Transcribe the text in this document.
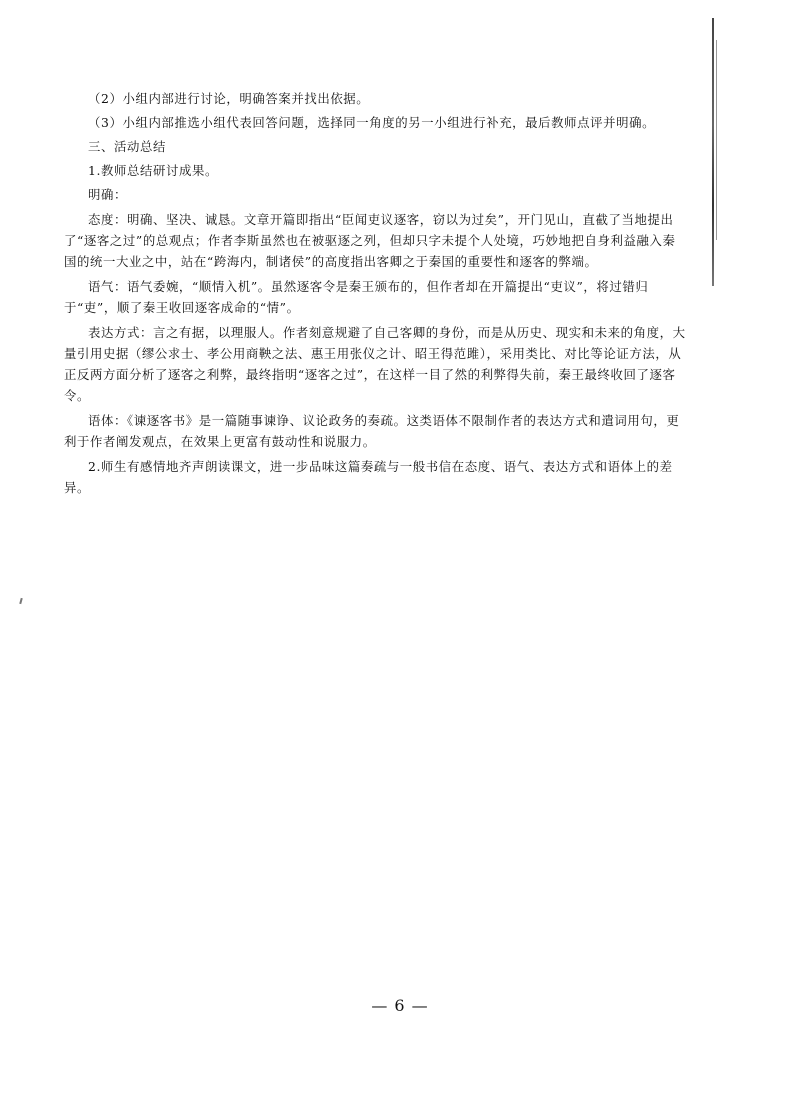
（2）小组内部进行讨论，明确答案并找出依据。

（3）小组内部推选小组代表回答问题，选择同一角度的另一小组进行补充，最后教师点评并明确。

三、活动总结

1.教师总结研讨成果。

明确：

态度：明确、坚决、诚恳。文章开篇即指出“臣闻吏议逐客，窃以为过矣”，开门见山，直截了当地提出了“逐客之过”的总观点；作者李斯虽然也在被驱逐之列，但却只字未提个人处境，巧妙地把自身利益融入秦国的统一大业之中，站在“跨海内，制诸侯”的高度指出客卿之于秦国的重要性和逐客的弊端。

语气：语气委婉，“顺情入机”。虽然逐客令是秦王颁布的，但作者却在开篇提出“吏议”，将过错归于“吏”，顺了秦王收回逐客成命的“情”。

表达方式：言之有据，以理服人。作者刻意规避了自己客卿的身份，而是从历史、现实和未来的角度，大量引用史据（缪公求士、孝公用商鞅之法、惠王用张仪之计、昭王得范雎），采用类比、对比等论证方法，从正反两方面分析了逐客之利弊，最终指明“逐客之过”，在这样一目了然的利弊得失前，秦王最终收回了逐客令。

语体：《谏逐客书》是一篇随事谏诤、议论政务的奏疏。这类语体不限制作者的表达方式和遣词用句，更利于作者阐发观点，在效果上更富有鼓动性和说服力。

2.师生有感情地齐声朗读课文，进一步品味这篇奏疏与一般书信在态度、语气、表达方式和语体上的差异。

— 6 —
